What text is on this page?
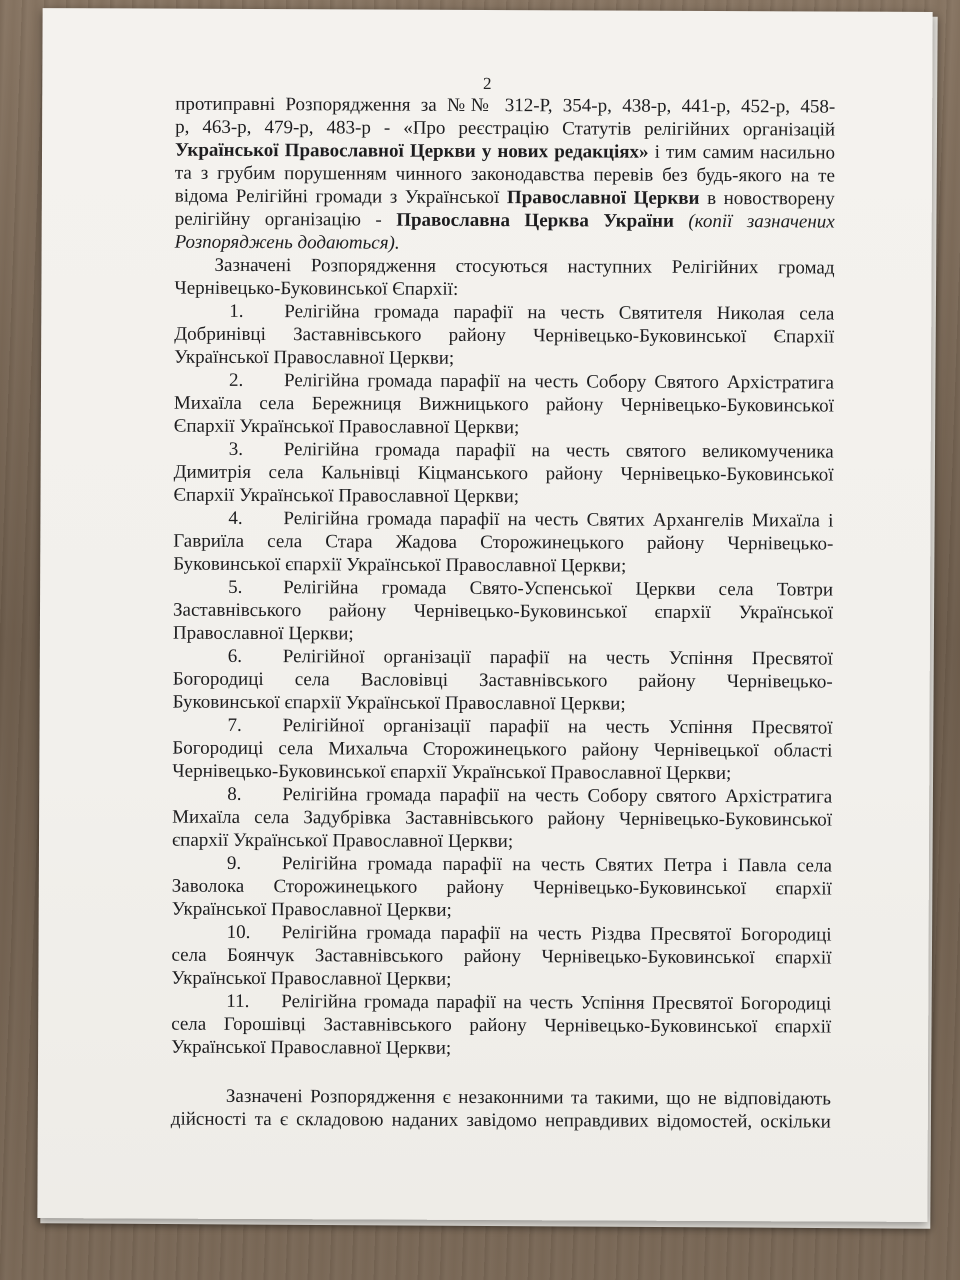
2
протиправні Розпорядження за №№ 312-Р, 354-р, 438-р, 441-р, 452-р, 458-
р, 463-р, 479-р, 483-р - «Про реєстрацію Статутів релігійних організацій
Української Православної Церкви у нових редакціях» і тим самим насильно
та з грубим порушенням чинного законодавства перевів без будь-якого на те
відома Релігійні громади з Української Православної Церкви в новостворену
релігійну організацію - Православна Церква України (копії зазначених
Розпоряджень додаються).
Зазначені Розпорядження стосуються наступних Релігійних громад
Чернівецько-Буковинської Єпархії:
1. Релігійна громада парафії на честь Святителя Николая села
Добринівці Заставнівського району Чернівецько-Буковинської Єпархії
Української Православної Церкви;
2. Релігійна громада парафії на честь Собору Святого Архістратига
Михаїла села Бережниця Вижницького району Чернівецько-Буковинської
Єпархії Української Православної Церкви;
3. Релігійна громада парафії на честь святого великомученика
Димитрія села Кальнівці Кіцманського району Чернівецько-Буковинської
Єпархії Української Православної Церкви;
4. Релігійна громада парафії на честь Святих Архангелів Михаїла і
Гавриїла села Стара Жадова Сторожинецького району Чернівецько-
Буковинської єпархії Української Православної Церкви;
5. Релігійна громада Свято-Успенської Церкви села Товтри
Заставнівського району Чернівецько-Буковинської єпархії Української
Православної Церкви;
6. Релігійної організації парафії на честь Успіння Пресвятої
Богородиці села Васловівці Заставнівського району Чернівецько-
Буковинської єпархії Української Православної Церкви;
7. Релігійної організації парафії на честь Успіння Пресвятої
Богородиці села Михальча Сторожинецького району Чернівецької області
Чернівецько-Буковинської єпархії Української Православної Церкви;
8. Релігійна громада парафії на честь Собору святого Архістратига
Михаїла села Задубрівка Заставнівського району Чернівецько-Буковинської
єпархії Української Православної Церкви;
9. Релігійна громада парафії на честь Святих Петра і Павла села
Заволока Сторожинецького району Чернівецько-Буковинської єпархії
Української Православної Церкви;
10. Релігійна громада парафії на честь Різдва Пресвятої Богородиці
села Боянчук Заставнівського району Чернівецько-Буковинської єпархії
Української Православної Церкви;
11. Релігійна громада парафії на честь Успіння Пресвятої Богородиці
села Горошівці Заставнівського району Чернівецько-Буковинської єпархії
Української Православної Церкви;
Зазначені Розпорядження є незаконними та такими, що не відповідають
дійсності та є складовою наданих завідомо неправдивих відомостей, оскільки
